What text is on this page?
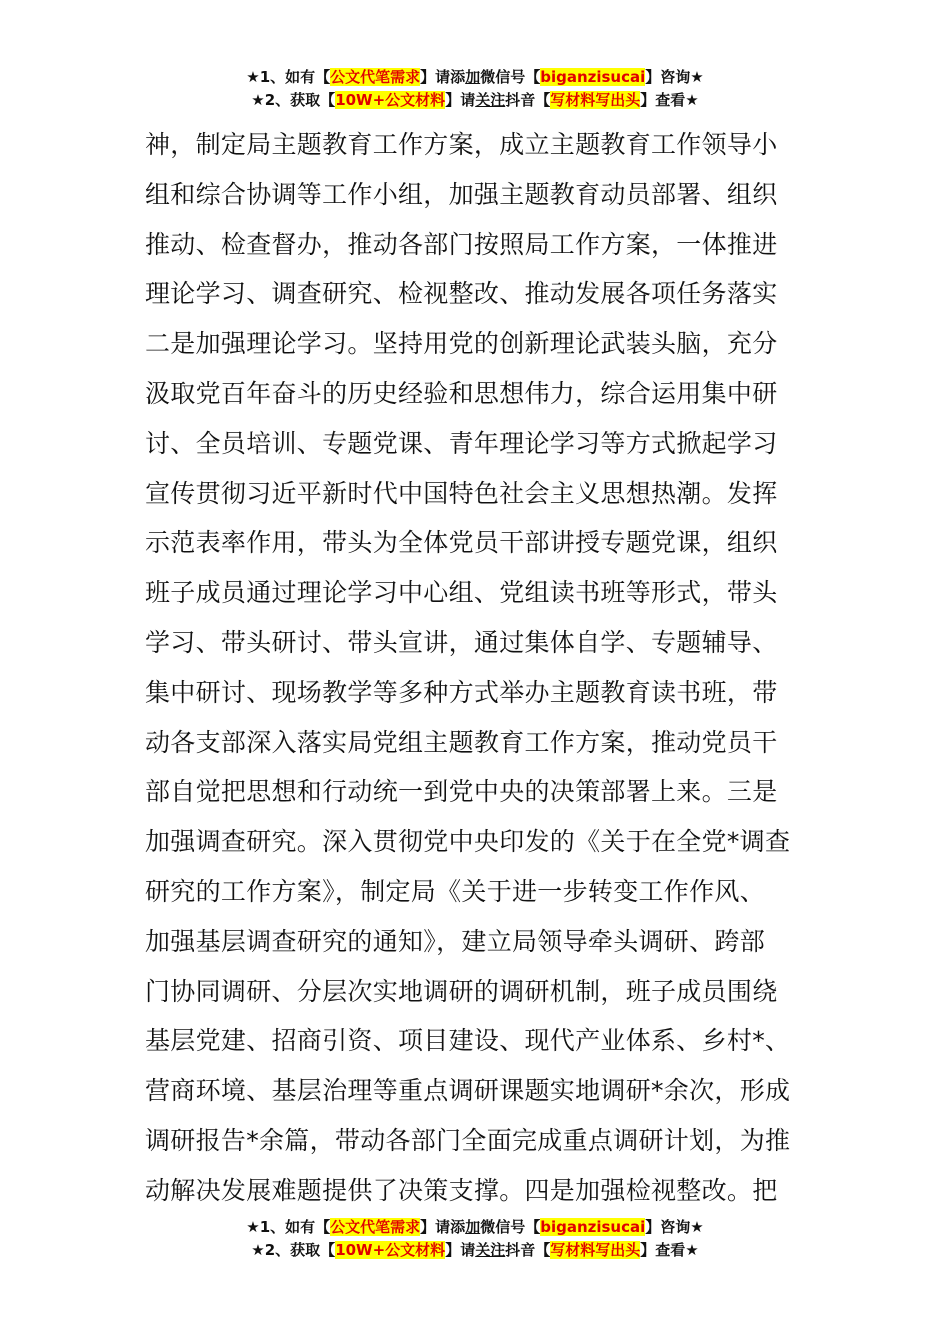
★1、如有【公文代笔需求】请添加微信号【biganzisucai】咨询★
★2、获取【10W+公文材料】请关注抖音【写材料写出头】查看★
神，制定局主题教育工作方案，成立主题教育工作领导小
组和综合协调等工作小组，加强主题教育动员部署、组织
推动、检查督办，推动各部门按照局工作方案，一体推进
理论学习、调查研究、检视整改、推动发展各项任务落实
二是加强理论学习。坚持用党的创新理论武装头脑，充分
汲取党百年奋斗的历史经验和思想伟力，综合运用集中研
讨、全员培训、专题党课、青年理论学习等方式掀起学习
宣传贯彻习近平新时代中国特色社会主义思想热潮。发挥
示范表率作用，带头为全体党员干部讲授专题党课，组织
班子成员通过理论学习中心组、党组读书班等形式，带头
学习、带头研讨、带头宣讲，通过集体自学、专题辅导、
集中研讨、现场教学等多种方式举办主题教育读书班，带
动各支部深入落实局党组主题教育工作方案，推动党员干
部自觉把思想和行动统一到党中央的决策部署上来。三是
加强调查研究。深入贯彻党中央印发的《关于在全党*调查
研究的工作方案》，制定局《关于进一步转变工作作风、
加强基层调查研究的通知》，建立局领导牵头调研、跨部
门协同调研、分层次实地调研的调研机制，班子成员围绕
基层党建、招商引资、项目建设、现代产业体系、乡村*、
营商环境、基层治理等重点调研课题实地调研*余次，形成
调研报告*余篇，带动各部门全面完成重点调研计划，为推
动解决发展难题提供了决策支撑。四是加强检视整改。把
★1、如有【公文代笔需求】请添加微信号【biganzisucai】咨询★
★2、获取【10W+公文材料】请关注抖音【写材料写出头】查看★
